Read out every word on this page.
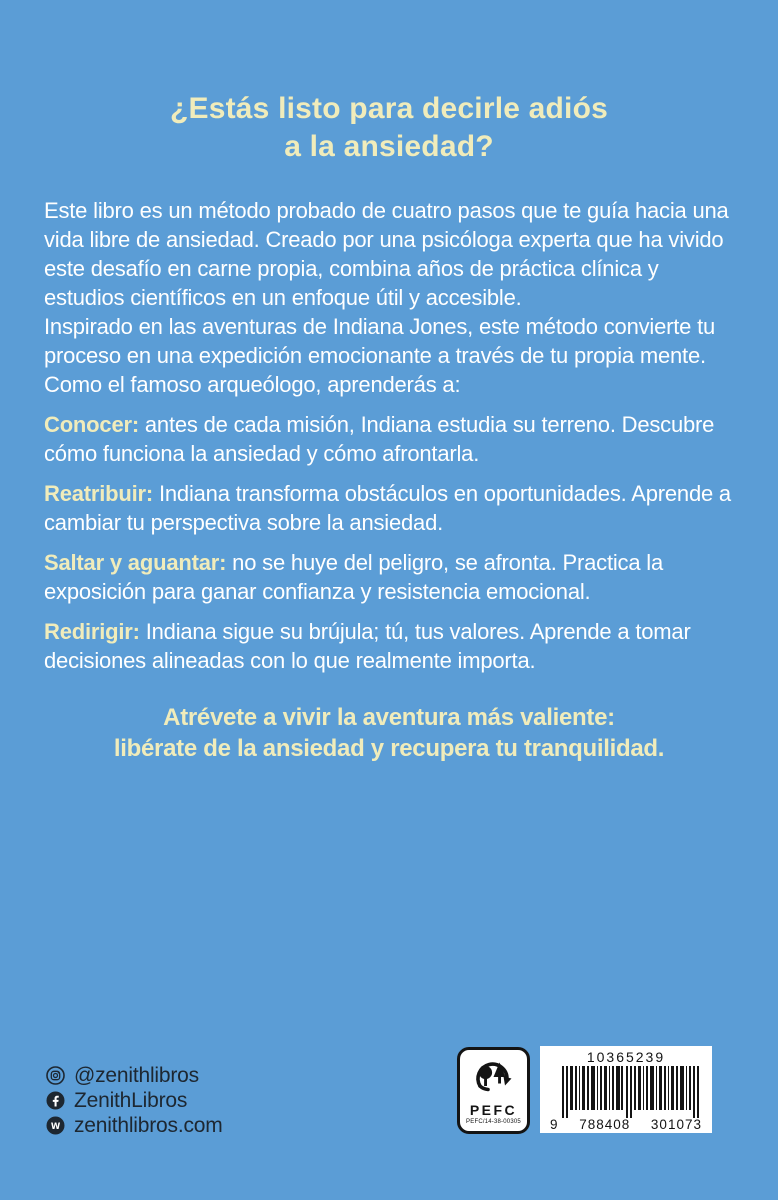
¿Estás listo para decirle adiós
a la ansiedad?

Este libro es un método probado de cuatro pasos que te guía hacia una vida libre de ansiedad. Creado por una psicóloga experta que ha vivido este desafío en carne propia, combina años de práctica clínica y estudios científicos en un enfoque útil y accesible.

Inspirado en las aventuras de Indiana Jones, este método convierte tu proceso en una expedición emocionante a través de tu propia mente. Como el famoso arqueólogo, aprenderás a:

Conocer: antes de cada misión, Indiana estudia su terreno. Descubre cómo funciona la ansiedad y cómo afrontarla.

Reatribuir: Indiana transforma obstáculos en oportunidades. Aprende a cambiar tu perspectiva sobre la ansiedad.

Saltar y aguantar: no se huye del peligro, se afronta. Practica la exposición para ganar confianza y resistencia emocional.

Redirigir: Indiana sigue su brújula; tú, tus valores. Aprende a tomar decisiones alineadas con lo que realmente importa.

Atrévete a vivir la aventura más valiente:
libérate de la ansiedad y recupera tu tranquilidad.

@zenithlibros
ZenithLibros
W zenithlibros.com
PEFC
PEFC/14-38-00305
10365239
9 788408 301073
